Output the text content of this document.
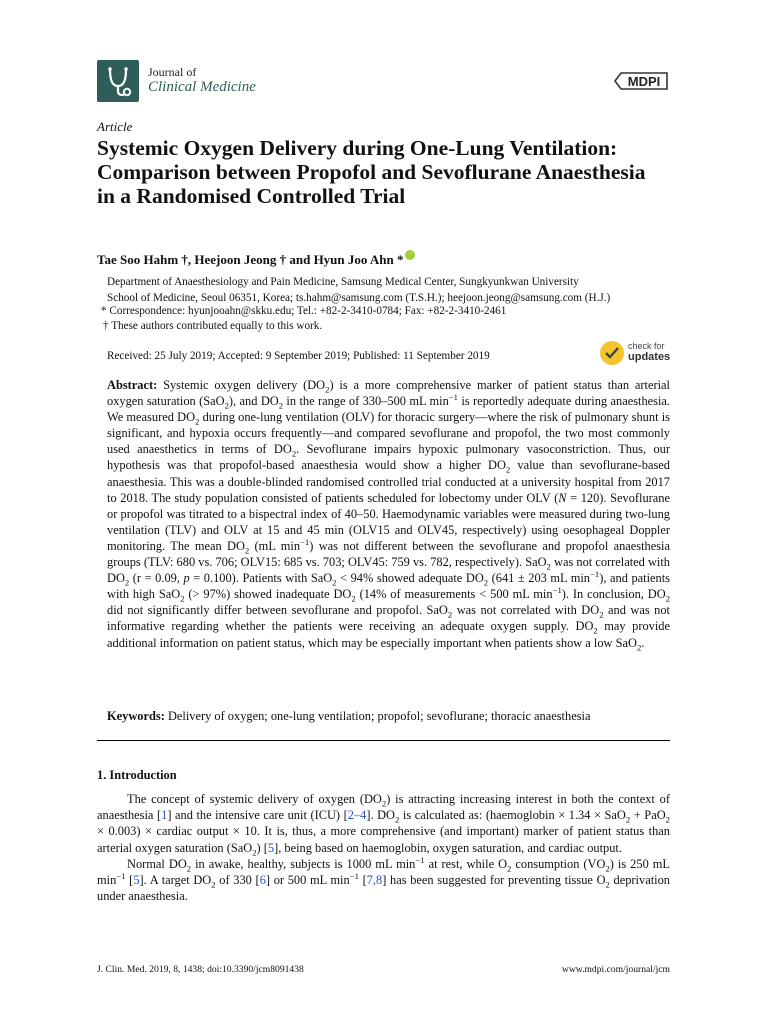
Journal of
Clinical Medicine	MDPI
Article
Systemic Oxygen Delivery during One-Lung Ventilation: Comparison between Propofol and Sevoflurane Anaesthesia in a Randomised Controlled Trial
Tae Soo Hahm †, Heejoon Jeong † and Hyun Joo Ahn *
Department of Anaesthesiology and Pain Medicine, Samsung Medical Center, Sungkyunkwan University
School of Medicine, Seoul 06351, Korea; ts.hahm@samsung.com (T.S.H.); heejoon.jeong@samsung.com (H.J.)
* Correspondence: hyunjooahn@skku.edu; Tel.: +82-2-3410-0784; Fax: +82-2-3410-2461
† These authors contributed equally to this work.
Received: 25 July 2019; Accepted: 9 September 2019; Published: 11 September 2019
check for
updates
Abstract: Systemic oxygen delivery $(DO_2)$ is a more comprehensive marker of patient status than arterial oxygen saturation (SaO$_2$), and $DO_2$ in the range of 330–500 mL $\min^{-1}$ is reportedly adequate during anaesthesia. We measured $DO_2$ during one-lung ventilation (OLV) for thoracic surgery—where the risk of pulmonary shunt is significant, and hypoxia occurs frequently—and compared sevoflurane and propofol, the two most commonly used anaesthetics in terms of $DO_2$. Sevoflurane impairs hypoxic pulmonary vasoconstriction. Thus, our hypothesis was that propofol-based anaesthesia would show a higher $DO_2$ value than sevoflurane-based anaesthesia. This was a double-blinded randomised controlled trial conducted at a university hospital from 2017 to 2018. The study population consisted of patients scheduled for lobectomy under OLV (N = 120). Sevoflurane or propofol was titrated to a bispectral index of 40–50. Haemodynamic variables were measured during two-lung ventilation (TLV) and OLV at 15 and 45 min (OLV15 and OLV45, respectively) using oesophageal Doppler monitoring. The mean $DO_2$ (mL $\min^{-1}$) was not different between the sevoflurane and propofol anaesthesia groups (TLV: 680 vs. 706; OLV15: 685 vs. 703; OLV45: 759 vs. 782, respectively). SaO$_2$ was not correlated with $DO_2$ (r = 0.09, p = 0.100). Patients with SaO$_2$ < 94% showed adequate $DO_2$ (641 ± 203 mL $\min^{-1}$), and patients with high SaO$_2$ (> 97%) showed inadequate $DO_2$ (14% of measurements < 500 mL $\min^{-1}$). In conclusion, $DO_2$ did not significantly differ between sevoflurane and propofol. SaO$_2$ was not correlated with $DO_2$ and was not informative regarding whether the patients were receiving an adequate oxygen supply. $DO_2$ may provide additional information on patient status, which may be especially important when patients show a low SaO$_2$.
Keywords: Delivery of oxygen; one-lung ventilation; propofol; sevoflurane; thoracic anaesthesia
1. Introduction

The concept of systemic delivery of oxygen $(DO_2)$ is attracting increasing interest in both the context of anaesthesia [1] and the intensive care unit (ICU) [2–4]. $DO_2$ is calculated as: (haemoglobin × 1.34 × SaO$_2$ + PaO$_2$ × 0.003) × cardiac output × 10. It is, thus, a more comprehensive (and important) marker of patient status than arterial oxygen saturation (SaO$_2$) [5], being based on haemoglobin, oxygen saturation, and cardiac output.

Normal $DO_2$ in awake, healthy, subjects is 1000 mL $\min^{-1}$ at rest, while $O_2$ consumption $(VO_2)$ is 250 mL $\min^{-1} [5]$. A target $DO_2$ of 330 [6] or 500 mL $\min^{-1} [7,8]$ has been suggested for preventing tissue $O_2$ deprivation under anaesthesia.

J. Clin. Med. 2019, 8, 1438; doi:10.3390/jcm8091438	www.mdpi.com/journal/jcm
